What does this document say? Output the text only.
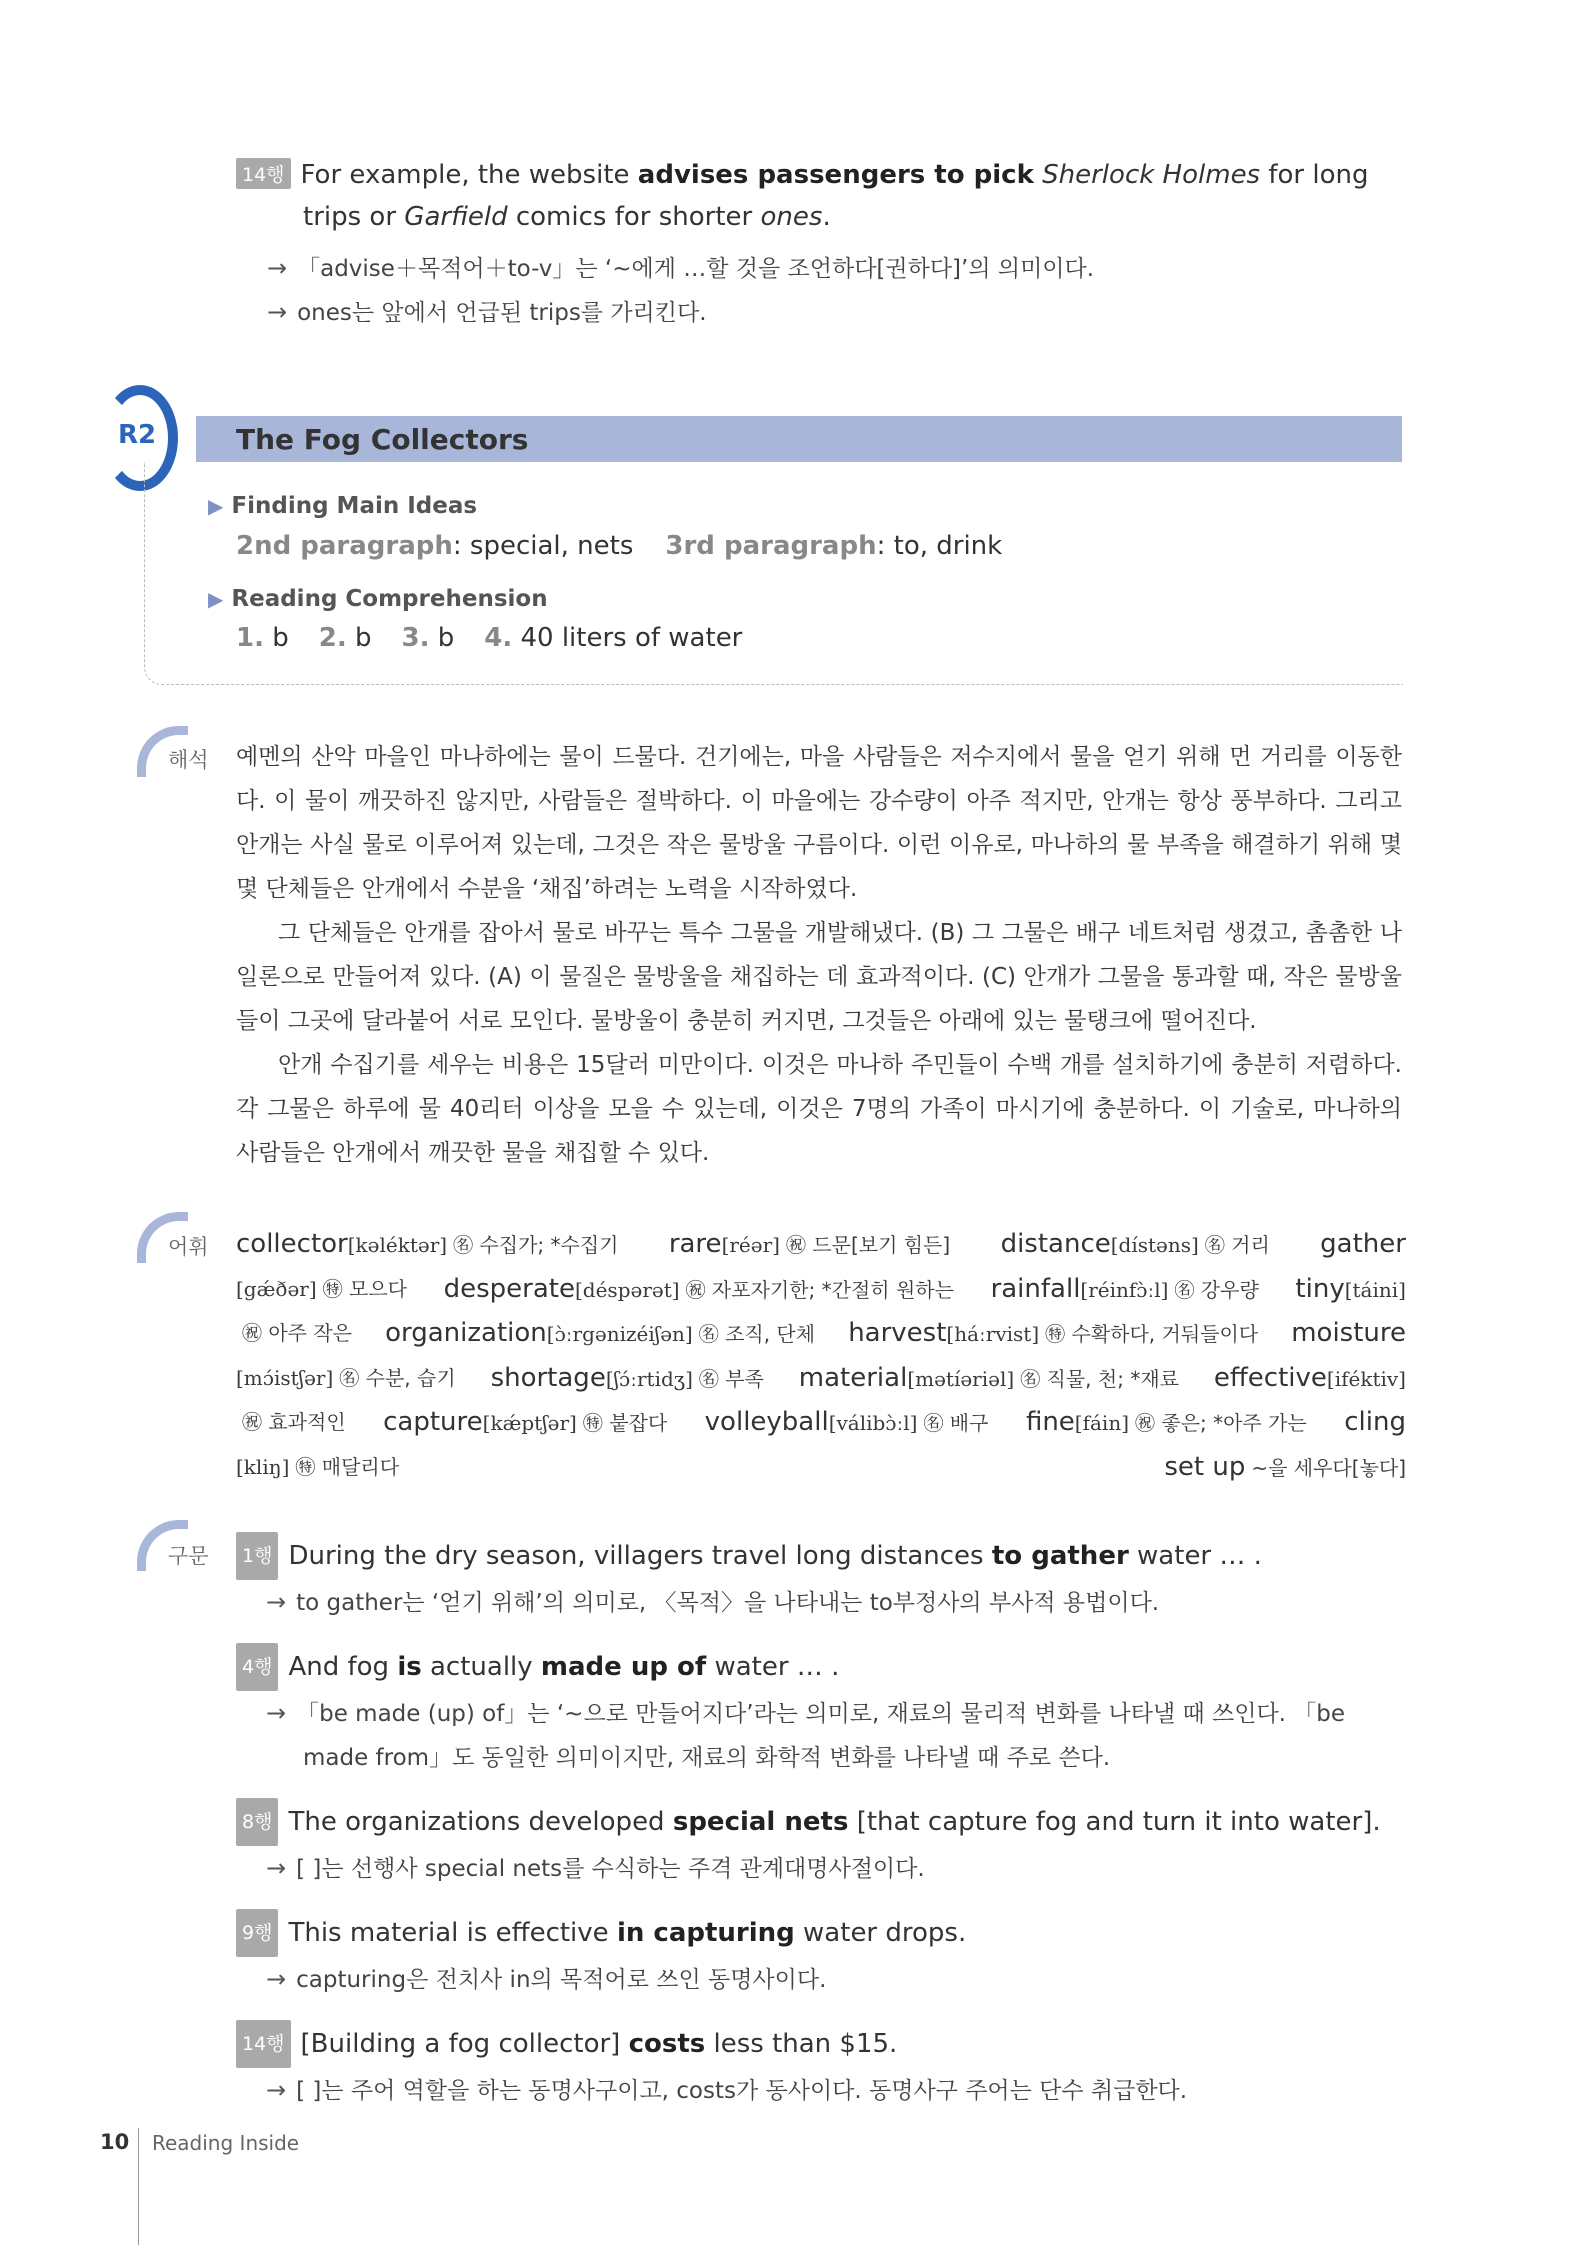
14행 For example, the website advises passengers to pick Sherlock Holmes for long
trips or Garfield comics for shorter ones.
→ 「advise＋목적어＋to-v」는 ‘~에게 …할 것을 조언하다[권하다]’의 의미이다.
→ ones는 앞에서 언급된 trips를 가리킨다.
R2	The Fog Collectors
▶ Finding Main Ideas
2nd paragraph: special, nets 3rd paragraph: to, drink
▶ Reading Comprehension
1. b 2. b 3. b 4. 40 liters of water
해석 예멘의 산악 마을인 마나하에는 물이 드물다. 건기에는, 마을 사람들은 저수지에서 물을 얻기 위해 먼 거리를 이동한다. 이 물이 깨끗하진 않지만, 사람들은 절박하다. 이 마을에는 강수량이 아주 적지만, 안개는 항상 풍부하다. 그리고 안개는 사실 물로 이루어져 있는데, 그것은 작은 물방울 구름이다. 이런 이유로, 마나하의 물 부족을 해결하기 위해 몇몇 단체들은 안개에서 수분을 ‘채집’하려는 노력을 시작하였다.
그 단체들은 안개를 잡아서 물로 바꾸는 특수 그물을 개발해냈다. (B) 그 그물은 배구 네트처럼 생겼고, 촘촘한 나일론으로 만들어져 있다. (A) 이 물질은 물방울을 채집하는 데 효과적이다. (C) 안개가 그물을 통과할 때, 작은 물방울들이 그곳에 달라붙어 서로 모인다. 물방울이 충분히 커지면, 그것들은 아래에 있는 물탱크에 떨어진다.
안개 수집기를 세우는 비용은 15달러 미만이다. 이것은 마나하 주민들이 수백 개를 설치하기에 충분히 저렴하다. 각 그물은 하루에 물 40리터 이상을 모을 수 있는데, 이것은 7명의 가족이 마시기에 충분하다. 이 기술로, 마나하의 사람들은 안개에서 깨끗한 물을 채집할 수 있다.
어휘 collector[kəléktər] ㊔ 수집가; *수집기 rare[réər] ㊗ 드문[보기 힘든] distance[dístəns] ㊔ 거리 gather
[gǽðər] ㊕ 모으다 desperate[déspərət] ㊗ 자포자기한; *간절히 원하는 rainfall[réinfɔ̀ːl] ㊔ 강우량 tiny[táini]
㊗ 아주 작은 organization[ɔ̀ːrgənizéiʃən] ㊔ 조직, 단체 harvest[háːrvist] ㊕ 수확하다, 거둬들이다 moisture
[mɔ́istʃər] ㊔ 수분, 습기 shortage[ʃɔ́ːrtidʒ] ㊔ 부족 material[mətíəriəl] ㊔ 직물, 천; *재료 effective[iféktiv]
㊗ 효과적인 capture[kǽptʃər] ㊕ 붙잡다 volleyball[válibɔ̀ːl] ㊔ 배구 fine[fáin] ㊗ 좋은; *아주 가는 cling
[kliŋ] ㊕ 매달리다	set up ~을 세우다[놓다]
구문	1행 During the dry season, villagers travel long distances to gather water … .
→ to gather는 ‘얻기 위해’의 의미로, 〈목적〉을 나타내는 to부정사의 부사적 용법이다.
4행 And fog is actually made up of water … .
→ 「be made (up) of」는 ‘~으로 만들어지다’라는 의미로, 재료의 물리적 변화를 나타낼 때 쓰인다. 「be
made from」도 동일한 의미이지만, 재료의 화학적 변화를 나타낼 때 주로 쓴다.
8행 The organizations developed special nets [that capture fog and turn it into water].
→ [ ]는 선행사 special nets를 수식하는 주격 관계대명사절이다.
9행 This material is effective in capturing water drops.
→ capturing은 전치사 in의 목적어로 쓰인 동명사이다.
14행 [Building a fog collector] costs less than $15.
→ [ ]는 주어 역할을 하는 동명사구이고, costs가 동사이다. 동명사구 주어는 단수 취급한다.
10 Reading Inside
